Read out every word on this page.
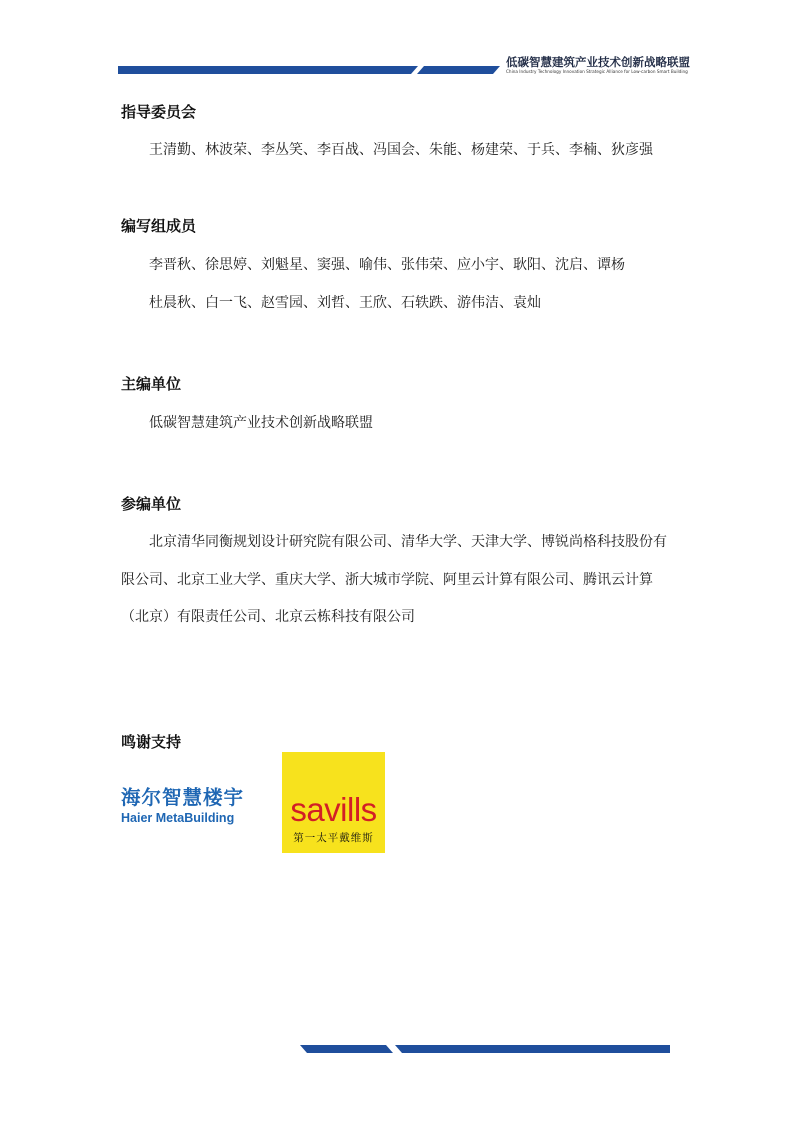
低碳智慧建筑产业技术创新战略联盟
China Industry Technology Innovation Strategic Alliance for Low-carbon Smart Building
指导委员会
王清勤、林波荣、李丛笑、李百战、冯国会、朱能、杨建荣、于兵、李楠、狄彦强
编写组成员
李晋秋、徐思婷、刘魁星、窦强、喻伟、张伟荣、应小宇、耿阳、沈启、谭杨
杜晨秋、白一飞、赵雪园、刘哲、王欣、石轶跌、游伟洁、袁灿
主编单位
低碳智慧建筑产业技术创新战略联盟
参编单位
北京清华同衡规划设计研究院有限公司、清华大学、天津大学、博锐尚格科技股份有限公司、北京工业大学、重庆大学、浙大城市学院、阿里云计算有限公司、腾讯云计算（北京）有限责任公司、北京云栋科技有限公司
鸣谢支持
海尔智慧楼宇
Haier MetaBuilding	savills
第一太平戴维斯
